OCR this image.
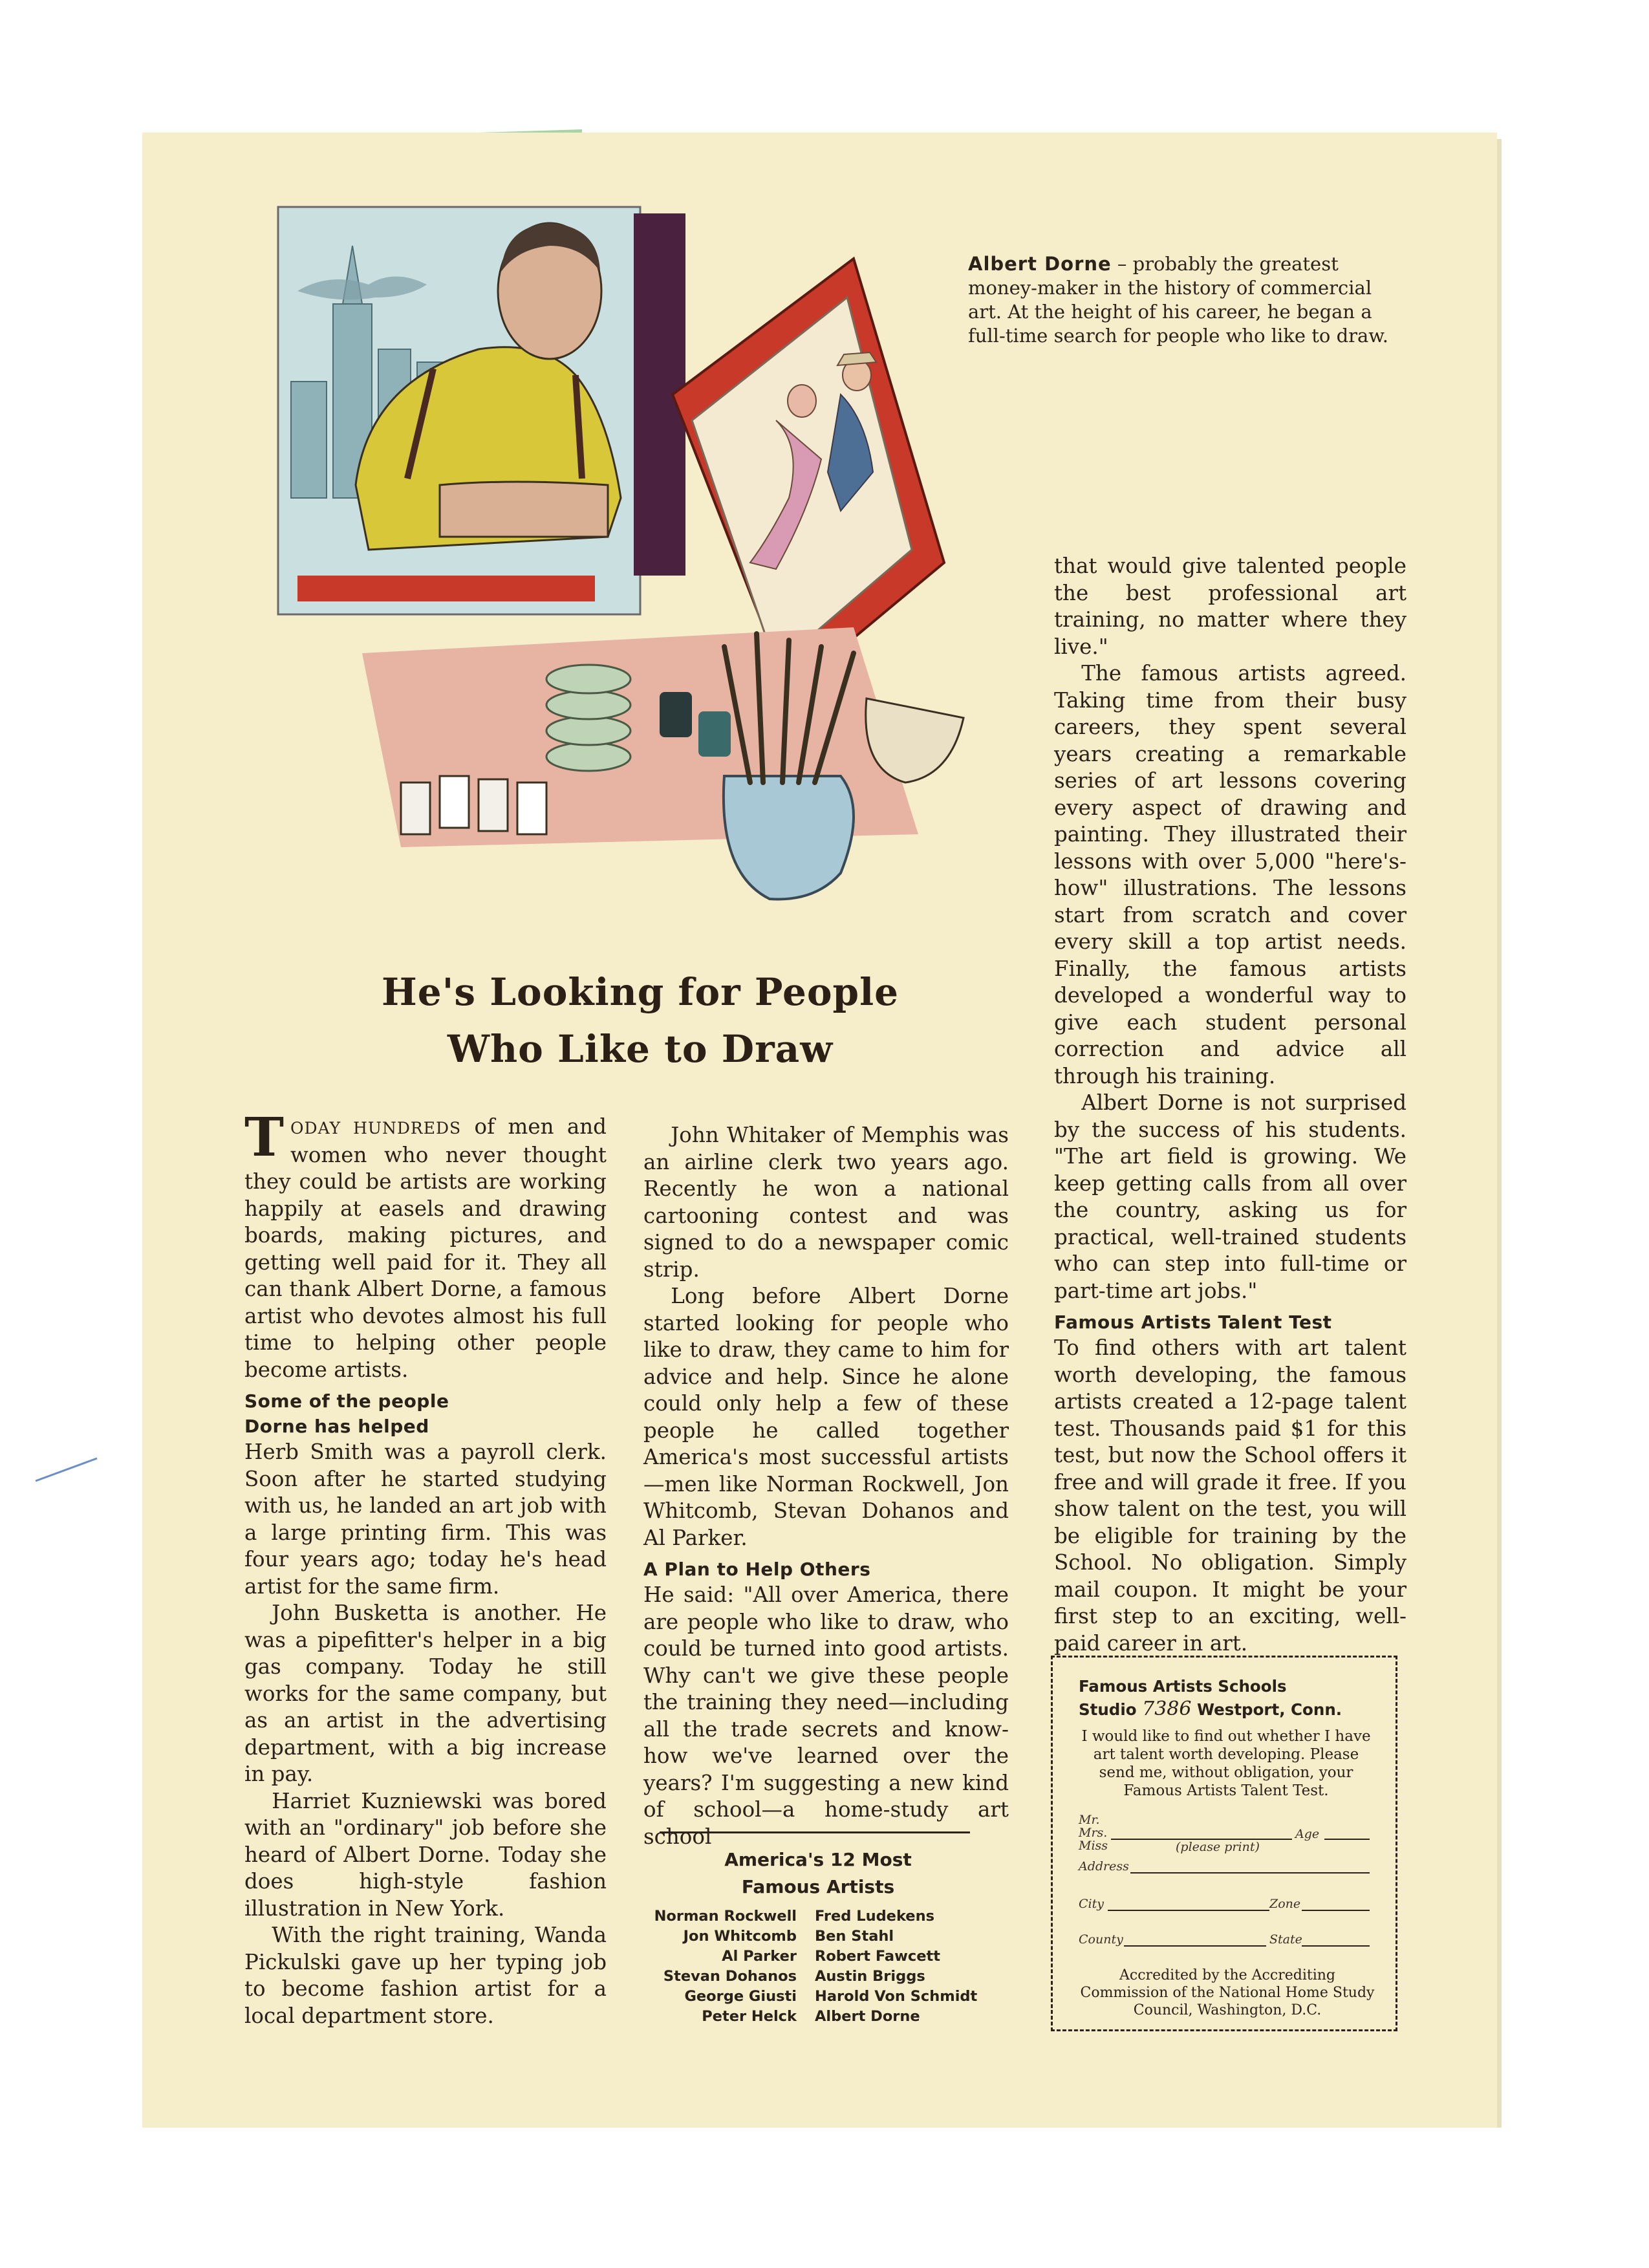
Albert Dorne – probably the greatest money-maker in the history of commercial art. At the height of his career, he began a full-time search for people who like to draw.
He's Looking for People
Who Like to Draw

TODAY HUNDREDS of men and women who never thought they could be artists are working happily at easels and drawing boards, making pictures, and getting well paid for it. They all can thank Albert Dorne, a famous artist who devotes almost his full time to helping other people become artists.

Some of the people
Dorne has helped

Herb Smith was a payroll clerk. Soon after he started studying with us, he landed an art job with a large printing firm. This was four years ago; today he's head artist for the same firm.

John Busketta is another. He was a pipefitter's helper in a big gas company. Today he still works for the same company, but as an artist in the advertising department, with a big increase in pay.

Harriet Kuzniewski was bored with an "ordinary" job before she heard of Albert Dorne. Today she does high-style fashion illustration in New York.

With the right training, Wanda Pickulski gave up her typing job to become fashion artist for a local department store.

John Whitaker of Memphis was an airline clerk two years ago. Recently he won a national cartooning contest and was signed to do a newspaper comic strip.

Long before Albert Dorne started looking for people who like to draw, they came to him for advice and help. Since he alone could only help a few of these people he called together America's most successful artists—men like Norman Rockwell, Jon Whitcomb, Stevan Dohanos and Al Parker.

A Plan to Help Others

He said: "All over America, there are people who like to draw, who could be turned into good artists. Why can't we give these people the training they need—including all the trade secrets and know-how we've learned over the years? I'm suggesting a new kind of school—a home-study art school

that would give talented people the best professional art training, no matter where they live."

The famous artists agreed. Taking time from their busy careers, they spent several years creating a remarkable series of art lessons covering every aspect of drawing and painting. They illustrated their lessons with over 5,000 "here's-how" illustrations. The lessons start from scratch and cover every skill a top artist needs. Finally, the famous artists developed a wonderful way to give each student personal correction and advice all through his training.

Albert Dorne is not surprised by the success of his students. "The art field is growing. We keep getting calls from all over the country, asking us for practical, well-trained students who can step into full-time or part-time art jobs."

Famous Artists Talent Test

To find others with art talent worth developing, the famous artists created a 12-page talent test. Thousands paid $1 for this test, but now the School offers it free and will grade it free. If you show talent on the test, you will be eligible for training by the School. No obligation. Simply mail coupon. It might be your first step to an exciting, well-paid career in art.

America's 12 Most
Famous Artists
Norman Rockwell	Fred Ludekens
Jon Whitcomb	Ben Stahl
Al Parker	Robert Fawcett
Stevan Dohanos	Austin Briggs
George Giusti	Harold Von Schmidt
Peter Helck	Albert Dorne
Famous Artists Schools
Studio 7386 Westport, Conn.
I would like to find out whether I have art talent worth developing. Please send me, without obligation, your Famous Artists Talent Test.
Mr.
Mrs.	Age
Miss	(please print)
Address
City	Zone
County	State
Accredited by the Accrediting Commission of the National Home Study Council, Washington, D.C.
